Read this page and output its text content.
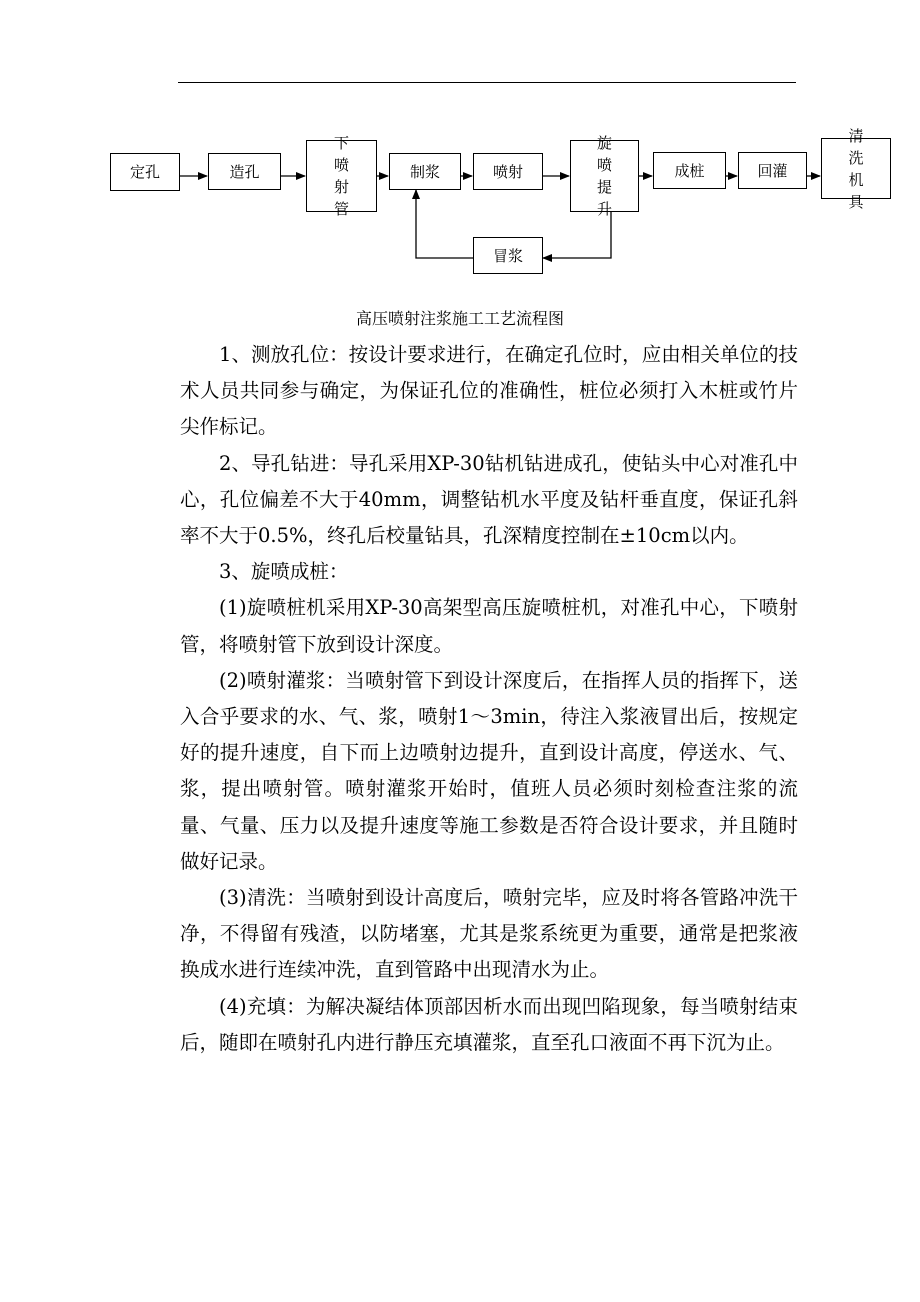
定孔	造孔
下 喷
射 管
制浆	喷射
旋 喷
提 升
成桩	回灌
清 洗
机 具
冒浆
高压喷射注浆施工工艺流程图

1、测放孔位：按设计要求进行，在确定孔位时，应由相关单位的技术人员共同参与确定，为保证孔位的准确性，桩位必须打入木桩或竹片尖作标记。

2、导孔钻进：导孔采用XP-30钻机钻进成孔，使钻头中心对准孔中心，孔位偏差不大于40mm，调整钻机水平度及钻杆垂直度，保证孔斜率不大于0.5%，终孔后校量钻具，孔深精度控制在±10cm以内。

3、旋喷成桩：

(1)旋喷桩机采用XP-30高架型高压旋喷桩机，对准孔中心，下喷射管，将喷射管下放到设计深度。

(2)喷射灌浆：当喷射管下到设计深度后，在指挥人员的指挥下，送入合乎要求的水、气、浆，喷射1～3min，待注入浆液冒出后，按规定好的提升速度，自下而上边喷射边提升，直到设计高度，停送水、气、浆，提出喷射管。喷射灌浆开始时，值班人员必须时刻检查注浆的流量、气量、压力以及提升速度等施工参数是否符合设计要求，并且随时做好记录。

(3)清洗：当喷射到设计高度后，喷射完毕，应及时将各管路冲洗干净，不得留有残渣，以防堵塞，尤其是浆系统更为重要，通常是把浆液换成水进行连续冲洗，直到管路中出现清水为止。

(4)充填：为解决凝结体顶部因析水而出现凹陷现象，每当喷射结束后，随即在喷射孔内进行静压充填灌浆，直至孔口液面不再下沉为止。
